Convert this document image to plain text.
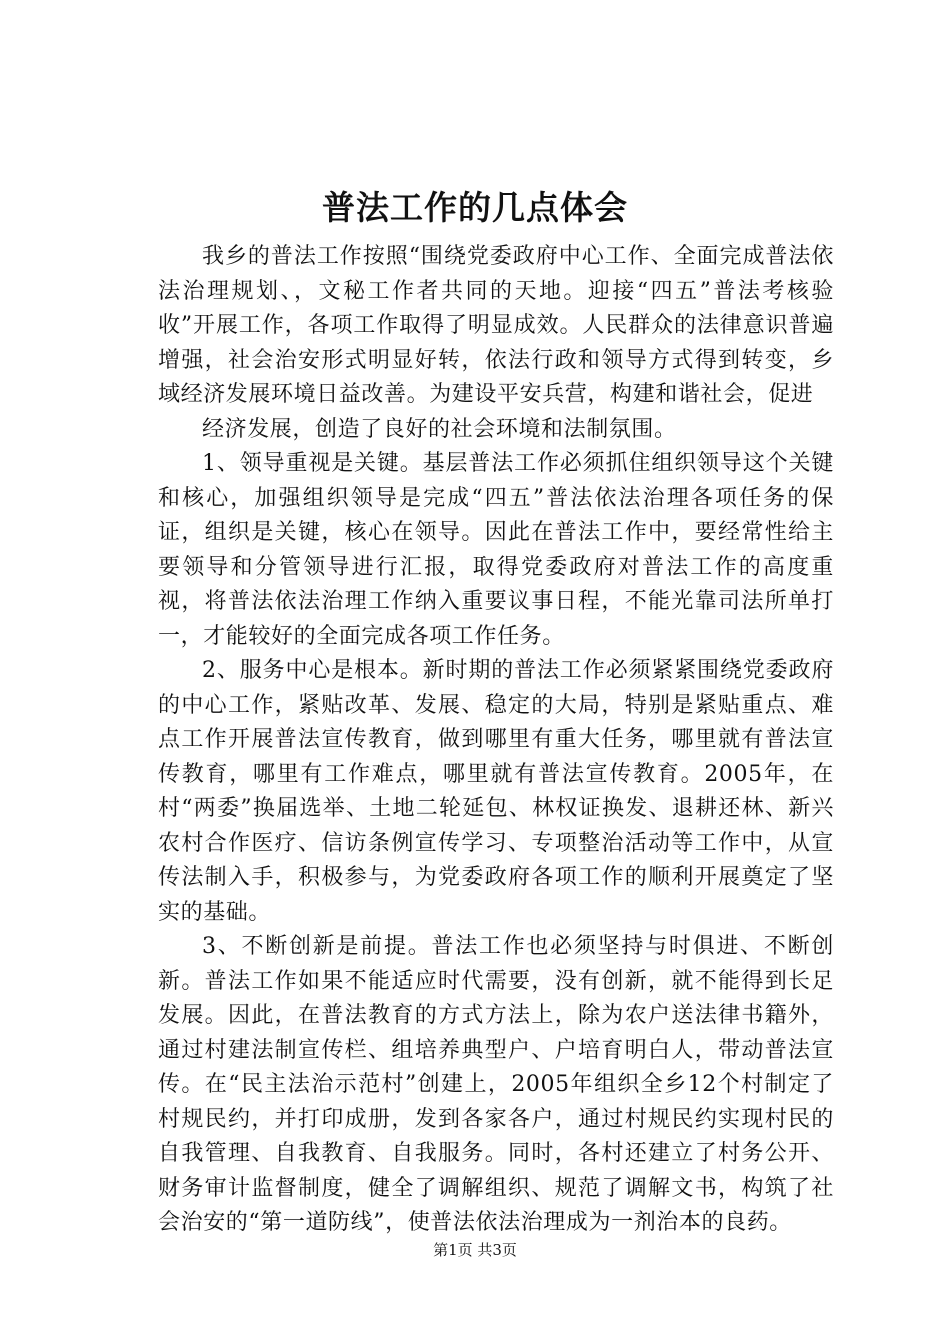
普法工作的几点体会

我乡的普法工作按照“围绕党委政府中心工作、全面完成普法依法治理规划、，文秘工作者共同的天地。迎接“四五”普法考核验收”开展工作，各项工作取得了明显成效。人民群众的法律意识普遍增强，社会治安形式明显好转，依法行政和领导方式得到转变，乡域经济发展环境日益改善。为建设平安兵营，构建和谐社会，促进

经济发展，创造了良好的社会环境和法制氛围。

1、领导重视是关键。基层普法工作必须抓住组织领导这个关键和核心，加强组织领导是完成“四五”普法依法治理各项任务的保证，组织是关键，核心在领导。因此在普法工作中，要经常性给主要领导和分管领导进行汇报，取得党委政府对普法工作的高度重视，将普法依法治理工作纳入重要议事日程，不能光靠司法所单打一，才能较好的全面完成各项工作任务。

2、服务中心是根本。新时期的普法工作必须紧紧围绕党委政府的中心工作，紧贴改革、发展、稳定的大局，特别是紧贴重点、难点工作开展普法宣传教育，做到哪里有重大任务，哪里就有普法宣传教育，哪里有工作难点，哪里就有普法宣传教育。2005年，在村“两委”换届选举、土地二轮延包、林权证换发、退耕还林、新兴农村合作医疗、信访条例宣传学习、专项整治活动等工作中，从宣传法制入手，积极参与，为党委政府各项工作的顺利开展奠定了坚实的基础。

3、不断创新是前提。普法工作也必须坚持与时俱进、不断创新。普法工作如果不能适应时代需要，没有创新，就不能得到长足发展。因此，在普法教育的方式方法上，除为农户送法律书籍外，通过村建法制宣传栏、组培养典型户、户培育明白人，带动普法宣传。在“民主法治示范村”创建上，2005年组织全乡12个村制定了村规民约，并打印成册，发到各家各户，通过村规民约实现村民的自我管理、自我教育、自我服务。同时，各村还建立了村务公开、财务审计监督制度，健全了调解组织、规范了调解文书，构筑了社会治安的“第一道防线”，使普法依法治理成为一剂治本的良药。

第1页 共3页
